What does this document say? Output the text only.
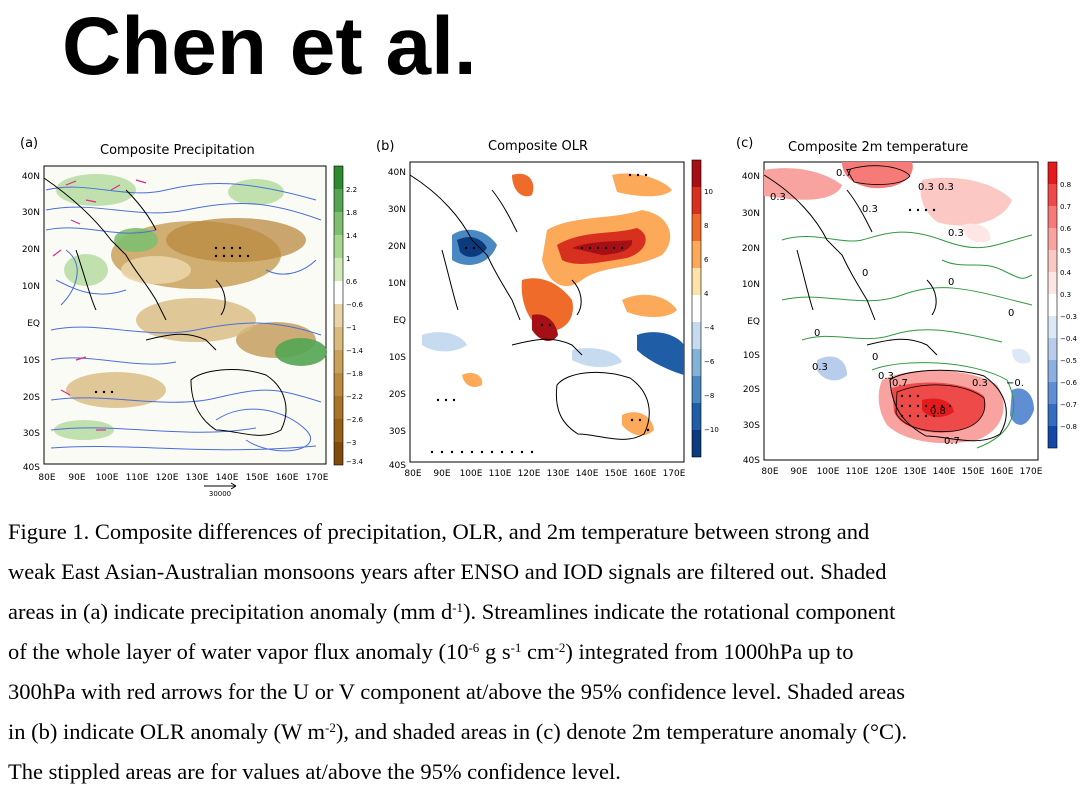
Chen et al.
(a)	Composite Precipitation
40N
30N
20N
10N
EQ
10S
20S
30S
40S
80E 90E 100E 110E 120E 130E 140E 150E 160E 170E
30000
2.2
1.8
1.4
1
0.6
−0.6
−1
−1.4
−1.8
−2.2
−2.6
−3
−3.4
(b)	Composite OLR
40N
30N
20N
10N
EQ
10S
20S
30S
40S
80E 90E 100E 110E 120E 130E 140E 150E 160E 170E
10
8
6
4
−4
−6
−8
−10
(c)	Composite 2m temperature
0.7
0.3
0.3
0.3 0.3
0.3
0
0
0
0
0
0.3
0.3
0.7	0.3
0.8
0.7
−0.
40N
30N
20N
10N
EQ
10S
20S
30S
40S
80E 90E 100E 110E 120E 130E 140E 150E 160E 170E
0.8
0.7
0.6
0.5
0.4
0.3
−0.3
−0.4
−0.5
−0.6
−0.7
−0.8
Figure 1. Composite differences of precipitation, OLR, and 2m temperature between strong and
weak East Asian-Australian monsoons years after ENSO and IOD signals are filtered out. Shaded
areas in (a) indicate precipitation anomaly (mm $d^{-1}$). Streamlines indicate the rotational component
of the whole layer of water vapor flux anomaly ($10^{-6}$ g $s^{-1}$ $cm^{-2}$) integrated from 1000hPa up to
300hPa with red arrows for the U or V component at/above the 95% confidence level. Shaded areas
in (b) indicate OLR anomaly (W $m^{-2}$), and shaded areas in (c) denote 2m temperature anomaly (°C).
The stippled areas are for values at/above the 95% confidence level.
